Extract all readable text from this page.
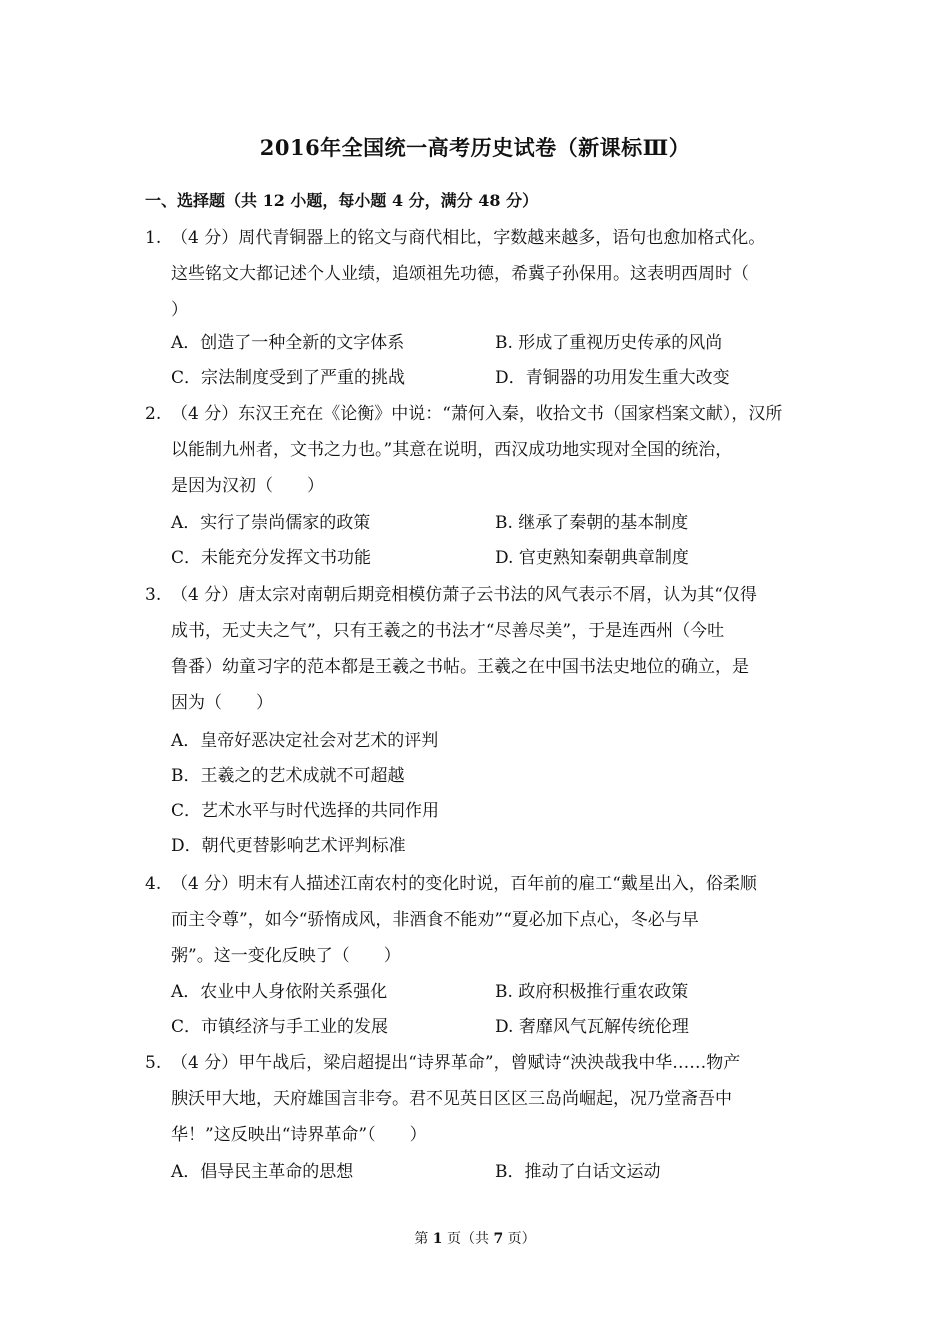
2016年全国统一高考历史试卷（新课标Ⅲ）
一、选择题（共 12 小题，每小题 4 分，满分 48 分）
1. （4 分）周代青铜器上的铭文与商代相比，字数越来越多，语句也愈加格式化。
这些铭文大都记述个人业绩，追颂祖先功德，希冀子孙保用。这表明西周时（
）
A．创造了一种全新的文字体系	B. 形成了重视历史传承的风尚
C．宗法制度受到了严重的挑战	D．青铜器的功用发生重大改变
2. （4 分）东汉王充在《论衡》中说：“萧何入秦，收拾文书（国家档案文献），汉所
以能制九州者，文书之力也。”其意在说明，西汉成功地实现对全国的统治，
是因为汉初（　　）
A．实行了崇尚儒家的政策	B. 继承了秦朝的基本制度
C．未能充分发挥文书功能	D. 官吏熟知秦朝典章制度
3. （4 分）唐太宗对南朝后期竞相模仿萧子云书法的风气表示不屑，认为其“仅得
成书，无丈夫之气”，只有王羲之的书法才“尽善尽美”，于是连西州（今吐
鲁番）幼童习字的范本都是王羲之书帖。王羲之在中国书法史地位的确立，是
因为（　　）
A．皇帝好恶决定社会对艺术的评判
B．王羲之的艺术成就不可超越
C．艺术水平与时代选择的共同作用
D．朝代更替影响艺术评判标准
4. （4 分）明末有人描述江南农村的变化时说，百年前的雇工“戴星出入，俗柔顺
而主令尊”，如今“骄惰成风，非酒食不能劝”“夏必加下点心，冬必与早
粥”。这一变化反映了（　　）
A．农业中人身依附关系强化	B. 政府积极推行重农政策
C．市镇经济与手工业的发展	D. 奢靡风气瓦解传统伦理
5. （4 分）甲午战后，梁启超提出“诗界革命”，曾赋诗“泱泱哉我中华……物产
腴沃甲大地，天府雄国言非夸。君不见英日区区三岛尚崛起，况乃堂斋吾中
华！”这反映出“诗界革命”（　　）
A．倡导民主革命的思想	B．推动了白话文运动
第 1 页（共 7 页）
